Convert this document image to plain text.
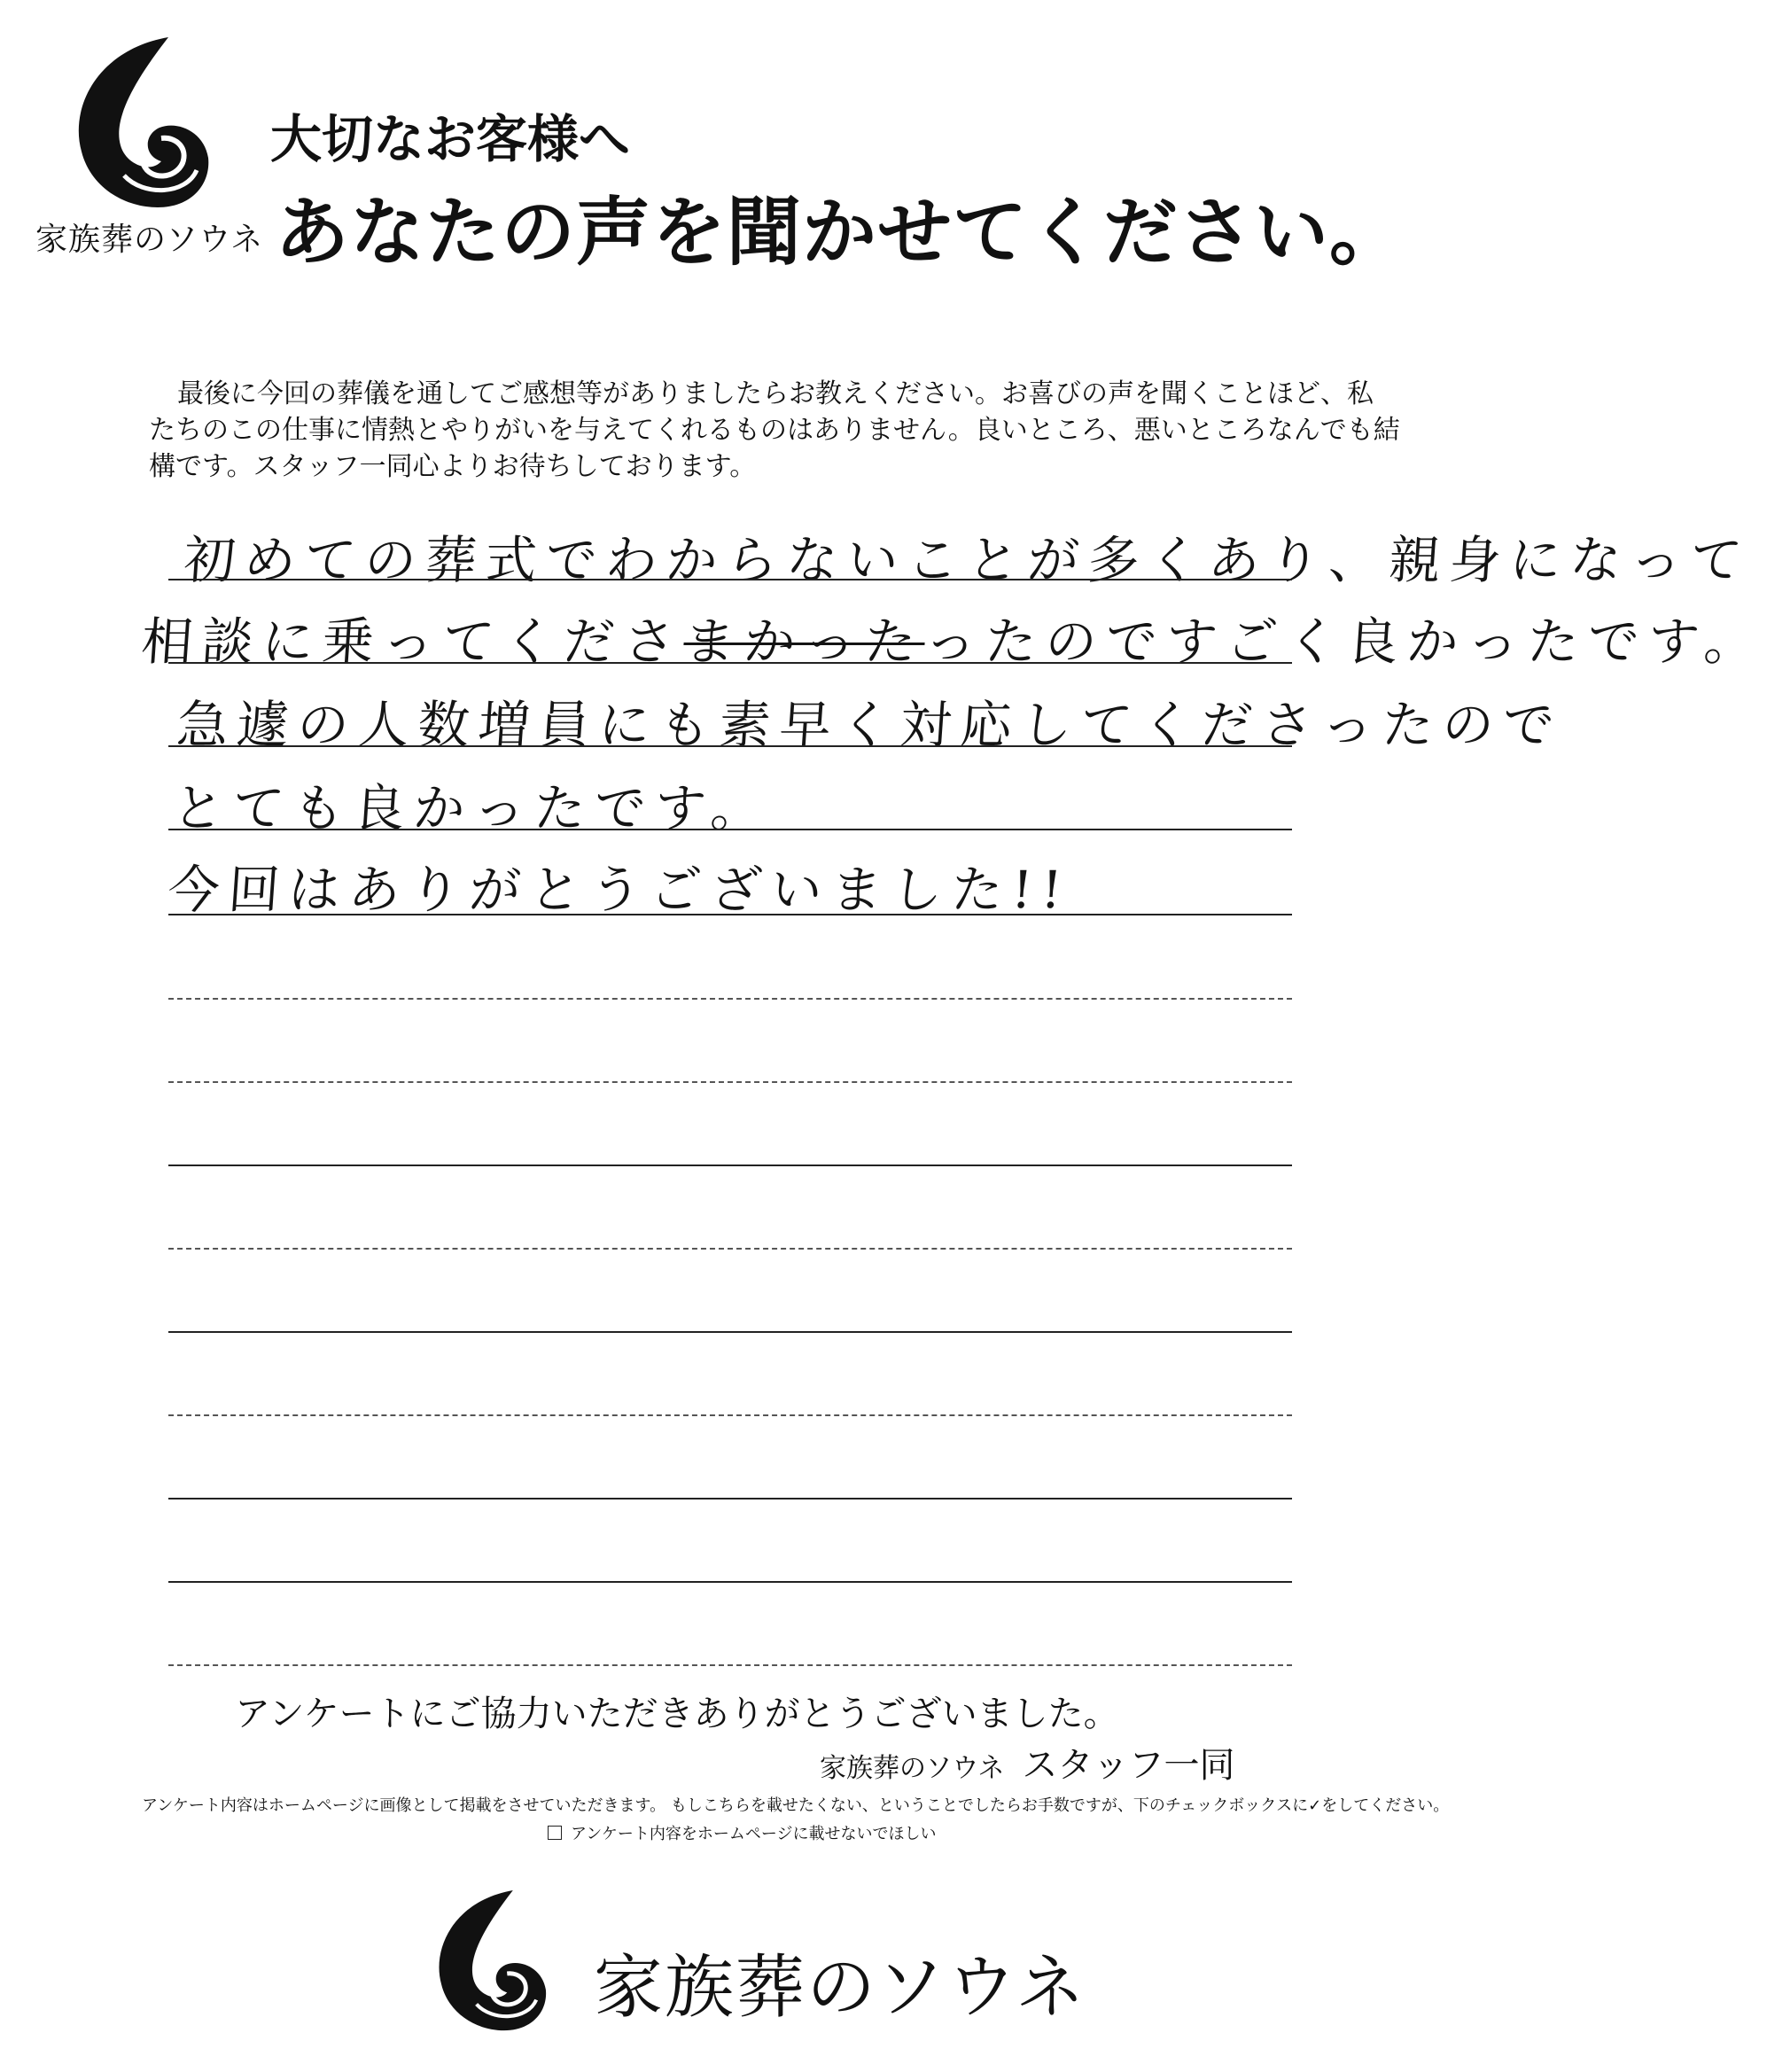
家族葬のソウネ
大切なお客様へ
あなたの声を聞かせてください。

最後に今回の葬儀を通してご感想等がありましたらお教えください。お喜びの声を聞くことほど、私

たちのこの仕事に情熱とやりがいを与えてくれるものはありません。良いところ、悪いところなんでも結

構です。スタッフ一同心よりお待ちしております。

初めての葬式でわからないことが多くあり、親身になって
相談に乗ってくださまかったったのですごく良かったです。
急遽の人数増員にも素早く対応してくださったので
とても良かったです。
今回はありがとうございました!!
アンケートにご協力いただきありがとうございました。
家族葬のソウネ スタッフ一同
アンケート内容はホームページに画像として掲載をさせていただきます。 もしこちらを載せたくない、ということでしたらお手数ですが、下のチェックボックスに✓をしてください。
アンケート内容をホームページに載せないでほしい
家族葬のソウネ
